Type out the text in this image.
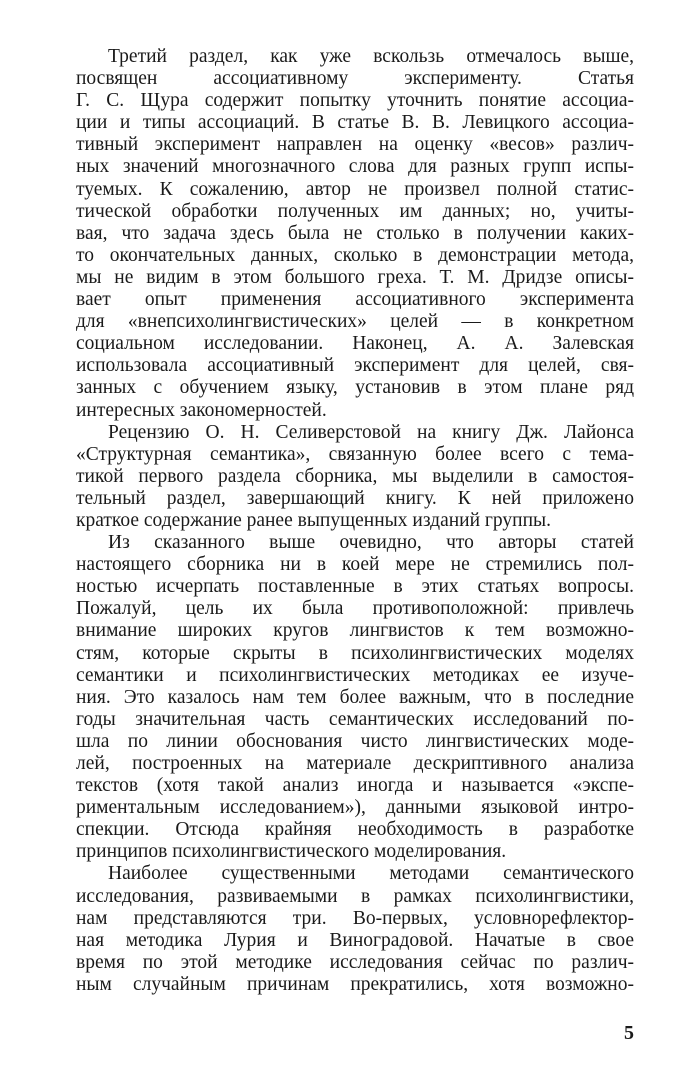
Третий раздел, как уже вскользь отмечалось выше,
посвящен ассоциативному эксперименту. Статья
Г. С. Щура содержит попытку уточнить понятие ассоциа-
ции и типы ассоциаций. В статье В. В. Левицкого ассоциа-
тивный эксперимент направлен на оценку «весов» различ-
ных значений многозначного слова для разных групп испы-
туемых. К сожалению, автор не произвел полной статис-
тической обработки полученных им данных; но, учиты-
вая, что задача здесь была не столько в получении каких-
то окончательных данных, сколько в демонстрации метода,
мы не видим в этом большого греха. Т. М. Дридзе описы-
вает опыт применения ассоциативного эксперимента
для «внепсихолингвистических» целей — в конкретном
социальном исследовании. Наконец, А. А. Залевская
использовала ассоциативный эксперимент для целей, свя-
занных с обучением языку, установив в этом плане ряд
интересных закономерностей.
Рецензию О. Н. Селиверстовой на книгу Дж. Лайонса
«Структурная семантика», связанную более всего с тема-
тикой первого раздела сборника, мы выделили в самостоя-
тельный раздел, завершающий книгу. К ней приложено
краткое содержание ранее выпущенных изданий группы.
Из сказанного выше очевидно, что авторы статей
настоящего сборника ни в коей мере не стремились пол-
ностью исчерпать поставленные в этих статьях вопросы.
Пожалуй, цель их была противоположной: привлечь
внимание широких кругов лингвистов к тем возможно-
стям, которые скрыты в психолингвистических моделях
семантики и психолингвистических методиках ее изуче-
ния. Это казалось нам тем более важным, что в последние
годы значительная часть семантических исследований по-
шла по линии обоснования чисто лингвистических моде-
лей, построенных на материале дескриптивного анализа
текстов (хотя такой анализ иногда и называется «экспе-
риментальным исследованием»), данными языковой интро-
спекции. Отсюда крайняя необходимость в разработке
принципов психолингвистического моделирования.
Наиболее существенными методами семантического
исследования, развиваемыми в рамках психолингвистики,
нам представляются три. Во-первых, условнорефлектор-
ная методика Лурия и Виноградовой. Начатые в свое
время по этой методике исследования сейчас по различ-
ным случайным причинам прекратились, хотя возможно-
5
